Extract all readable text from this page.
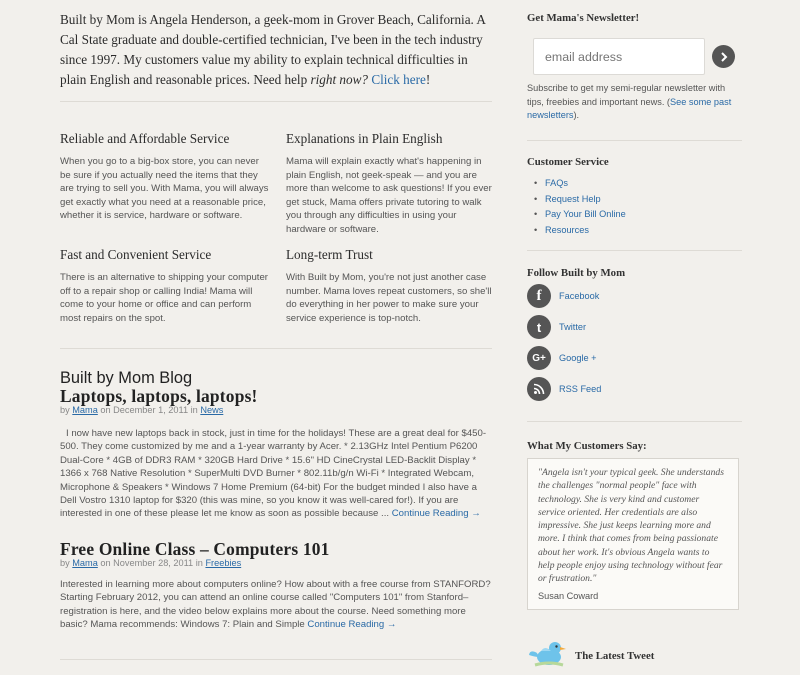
Built by Mom is Angela Henderson, a geek-mom in Grover Beach, California. A Cal State graduate and double-certified technician, I've been in the tech industry since 1997. My customers value my ability to explain technical difficulties in plain English and reasonable prices. Need help right now? Click here!

Reliable and Affordable Service

When you go to a big-box store, you can never be sure if you actually need the items that they are trying to sell you. With Mama, you will always get exactly what you need at a reasonable price, whether it is service, hardware or software.

Explanations in Plain English

Mama will explain exactly what's happening in plain English, not geek-speak — and you are more than welcome to ask questions! If you ever get stuck, Mama offers private tutoring to walk you through any difficulties in using your hardware or software.

Fast and Convenient Service

There is an alternative to shipping your computer off to a repair shop or calling India! Mama will come to your home or office and can perform most repairs on the spot.

Long-term Trust

With Built by Mom, you're not just another case number. Mama loves repeat customers, so she'll do everything in her power to make sure your service experience is top-notch.

Built by Mom Blog
Laptops, laptops, laptops!
by Mama on December 1, 2011 in News

I now have new laptops back in stock, just in time for the holidays! These are a great deal for $450-500. They come customized by me and a 1-year warranty by Acer. * 2.13GHz Intel Pentium P6200 Dual-Core * 4GB of DDR3 RAM * 320GB Hard Drive * 15.6" HD CineCrystal LED-Backlit Display * 1366 x 768 Native Resolution * SuperMulti DVD Burner * 802.11b/g/n Wi-Fi * Integrated Webcam, Microphone & Speakers * Windows 7 Home Premium (64-bit) For the budget minded I also have a Dell Vostro 1310 laptop for $320 (this was mine, so you know it was well-cared for!). If you are interested in one of these please let me know as soon as possible because ... Continue Reading →

Free Online Class – Computers 101
by Mama on November 28, 2011 in Freebies

Interested in learning more about computers online? How about with a free course from STANFORD? Starting February 2012, you can attend an online course called "Computers 101" from Stanford–registration is here, and the video below explains more about the course. Need something more basic? Mama recommends: Windows 7: Plain and Simple Continue Reading →

Get Mama's Newsletter!
email address

Subscribe to get my semi-regular newsletter with tips, freebies and important news. (See some past newsletters).

Customer Service
• FAQs
• Request Help
• Pay Your Bill Online
• Resources
Follow Built by Mom
f Facebook
t Twitter
G+ Google +
RSS Feed
What My Customers Say:

"Angela isn't your typical geek. She understands the challenges "normal people" face with technology. She is very kind and customer service oriented. Her credentials are also impressive. She just keeps learning more and more. I think that comes from being passionate about her work. It's obvious Angela wants to help people enjoy using technology without fear or frustration."

Susan Coward
The Latest Tweet
